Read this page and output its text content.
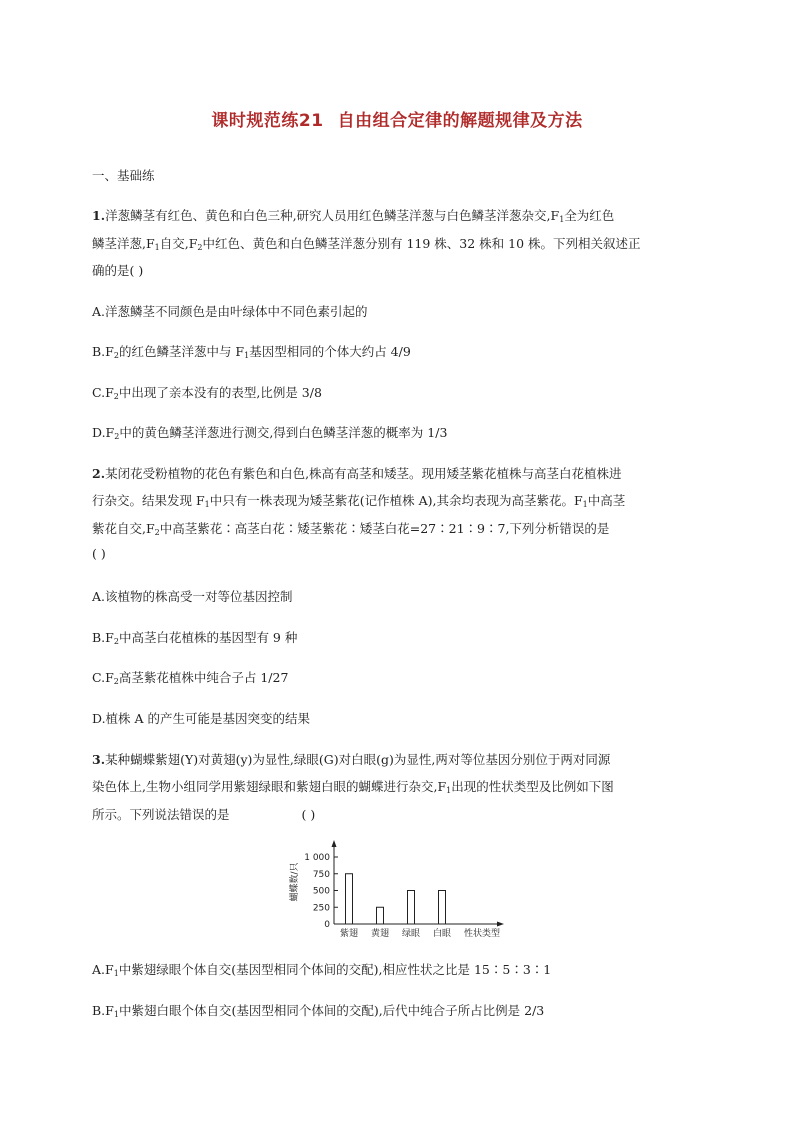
课时规范练21 自由组合定律的解题规律及方法
一、基础练
1.洋葱鳞茎有红色、黄色和白色三种,研究人员用红色鳞茎洋葱与白色鳞茎洋葱杂交$,F_1$全为红色
鳞茎洋葱$,F_1$自交$,F_2$中红色、黄色和白色鳞茎洋葱分别有 119 株、32 株和 10 株。下列相关叙述正
确的是( )
A.洋葱鳞茎不同颜色是由叶绿体中不同色素引起的
$B.F_2$的红色鳞茎洋葱中与 $F_1$基因型相同的个体大约占 4/9
$C.F_2$中出现了亲本没有的表型,比例是 3/8
$D.F_2$中的黄色鳞茎洋葱进行测交,得到白色鳞茎洋葱的概率为 1/3
2.某闭花受粉植物的花色有紫色和白色,株高有高茎和矮茎。现用矮茎紫花植株与高茎白花植株进
行杂交。结果发现 $F_1$中只有一株表现为矮茎紫花(记作植株 A),其余均表现为高茎紫花。$F_1$中高茎
紫花自交$,F_2$中高茎紫花∶高茎白花∶矮茎紫花∶矮茎白花=27∶21∶9∶7,下列分析错误的是
( )
A.该植物的株高受一对等位基因控制
$B.F_2$中高茎白花植株的基因型有 9 种
$C.F_2$高茎紫花植株中纯合子占 1/27
D.植株 A 的产生可能是基因突变的结果
3.某种蝴蝶紫翅(Y)对黄翅(y)为显性,绿眼(G)对白眼(g)为显性,两对等位基因分别位于两对同源
染色体上,生物小组同学用紫翅绿眼和紫翅白眼的蝴蝶进行杂交$,F_1$出现的性状类型及比例如下图
所示。下列说法错误的是	( )
蝴蝶数/只
1 000
750
500
250
0
紫翅 黄翅 绿眼 白眼 性状类型
$A.F_1$中紫翅绿眼个体自交(基因型相同个体间的交配),相应性状之比是 15∶5∶3∶1
$B.F_1$中紫翅白眼个体自交(基因型相同个体间的交配),后代中纯合子所占比例是 2/3
